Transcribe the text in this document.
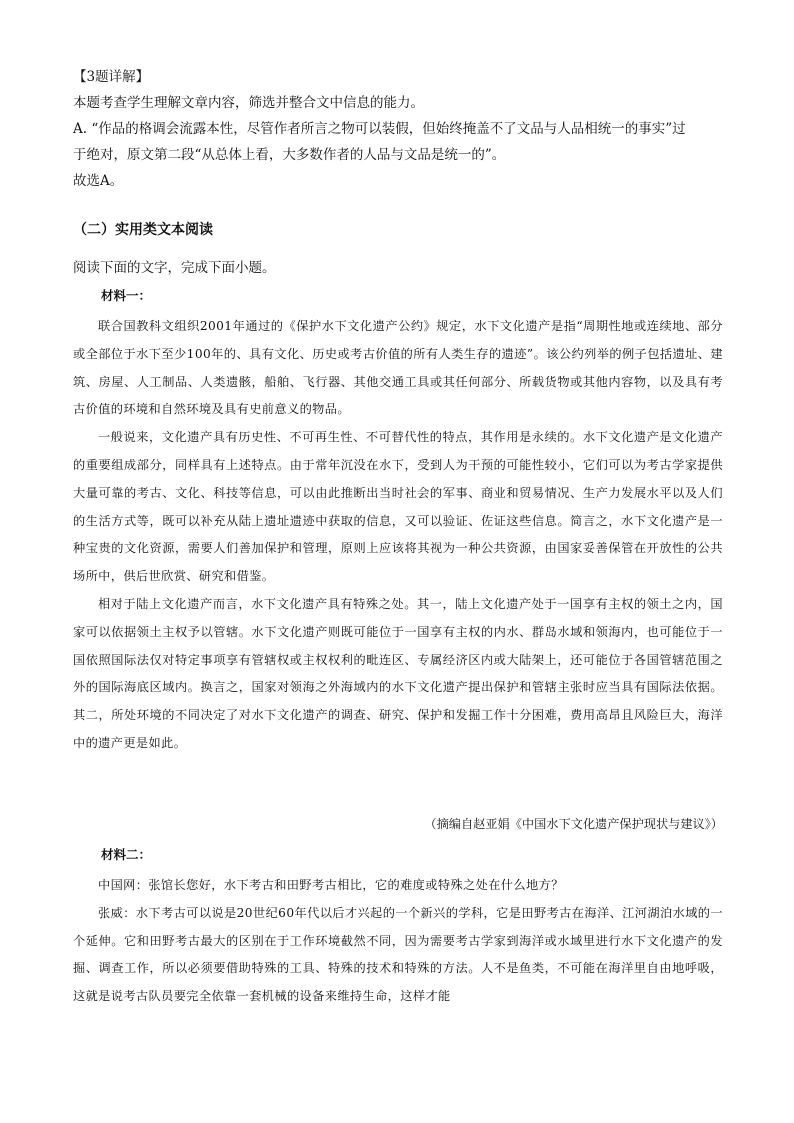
【3题详解】

本题考查学生理解文章内容，筛选并整合文中信息的能力。

A. “作品的格调会流露本性，尽管作者所言之物可以装假，但始终掩盖不了文品与人品相统一的事实”过

于绝对，原文第二段“从总体上看，大多数作者的人品与文品是统一的”。

故选A。

（二）实用类文本阅读
阅读下面的文字，完成下面小题。
材料一：

联合国教科文组织2001年通过的《保护水下文化遗产公约》规定，水下文化遗产是指“周期性地或连续地、部分或全部位于水下至少100年的、具有文化、历史或考古价值的所有人类生存的遗迹”。该公约列举的例子包括遗址、建筑、房屋、人工制品、人类遗骸，船舶、飞行器、其他交通工具或其任何部分、所载货物或其他内容物，以及具有考古价值的环境和自然环境及具有史前意义的物品。

一般说来，文化遗产具有历史性、不可再生性、不可替代性的特点，其作用是永续的。水下文化遗产是文化遗产的重要组成部分，同样具有上述特点。由于常年沉没在水下，受到人为干预的可能性较小，它们可以为考古学家提供大量可靠的考古、文化、科技等信息，可以由此推断出当时社会的军事、商业和贸易情况、生产力发展水平以及人们的生活方式等，既可以补充从陆上遗址遗迹中获取的信息，又可以验证、佐证这些信息。简言之，水下文化遗产是一种宝贵的文化资源，需要人们善加保护和管理，原则上应该将其视为一种公共资源，由国家妥善保管在开放性的公共场所中，供后世欣赏、研究和借鉴。

相对于陆上文化遗产而言，水下文化遗产具有特殊之处。其一，陆上文化遗产处于一国享有主权的领土之内，国家可以依据领土主权予以管辖。水下文化遗产则既可能位于一国享有主权的内水、群岛水域和领海内，也可能位于一国依照国际法仅对特定事项享有管辖权或主权权利的毗连区、专属经济区内或大陆架上，还可能位于各国管辖范围之外的国际海底区域内。换言之，国家对领海之外海域内的水下文化遗产提出保护和管辖主张时应当具有国际法依据。其二，所处环境的不同决定了对水下文化遗产的调查、研究、保护和发掘工作十分困难，费用高昂且风险巨大，海洋中的遗产更是如此。

（摘编自赵亚娟《中国水下文化遗产保护现状与建议》）
材料二：

中国网：张馆长您好，水下考古和田野考古相比，它的难度或特殊之处在什么地方？

张威：水下考古可以说是20世纪60年代以后才兴起的一个新兴的学科，它是田野考古在海洋、江河湖泊水域的一个延伸。它和田野考古最大的区别在于工作环境截然不同，因为需要考古学家到海洋或水域里进行水下文化遗产的发掘、调查工作，所以必须要借助特殊的工具、特殊的技术和特殊的方法。人不是鱼类，不可能在海洋里自由地呼吸，这就是说考古队员要完全依靠一套机械的设备来维持生命，这样才能
